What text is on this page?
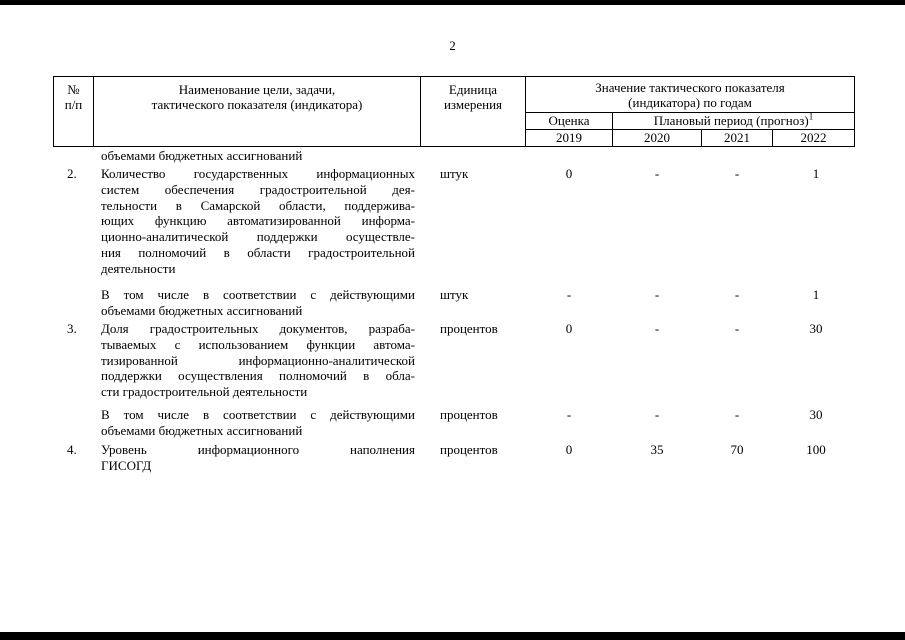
2
№
п/п
Наименование цели, задачи,
тактического показателя (индикатора)
Единица
измерения
Значение тактического показателя
(индикатора) по годам
Оценка	Плановый период (прогноз)$^1$
2019	2020	2021	2022
объемами бюджетных ассигнований
2. Количество государственных информационных
систем обеспечения градостроительной дея-
тельности в Самарской области, поддержива-
ющих функцию автоматизированной информа-
ционно-аналитической поддержки осуществле-
ния полномочий в области градостроительной
деятельности
штук	0	-	-	1
В том числе в соответствии с действующими
объемами бюджетных ассигнований
штук	-	-	-	1
3. Доля градостроительных документов, разраба-
тываемых с использованием функции автома-
тизированной информационно-аналитической
поддержки осуществления полномочий в обла-
сти градостроительной деятельности
процентов	0	-	-	30
В том числе в соответствии с действующими
объемами бюджетных ассигнований
процентов	-	-	-	30
4. Уровень информационного наполнения
ГИСОГД
процентов	0	35	70	100
